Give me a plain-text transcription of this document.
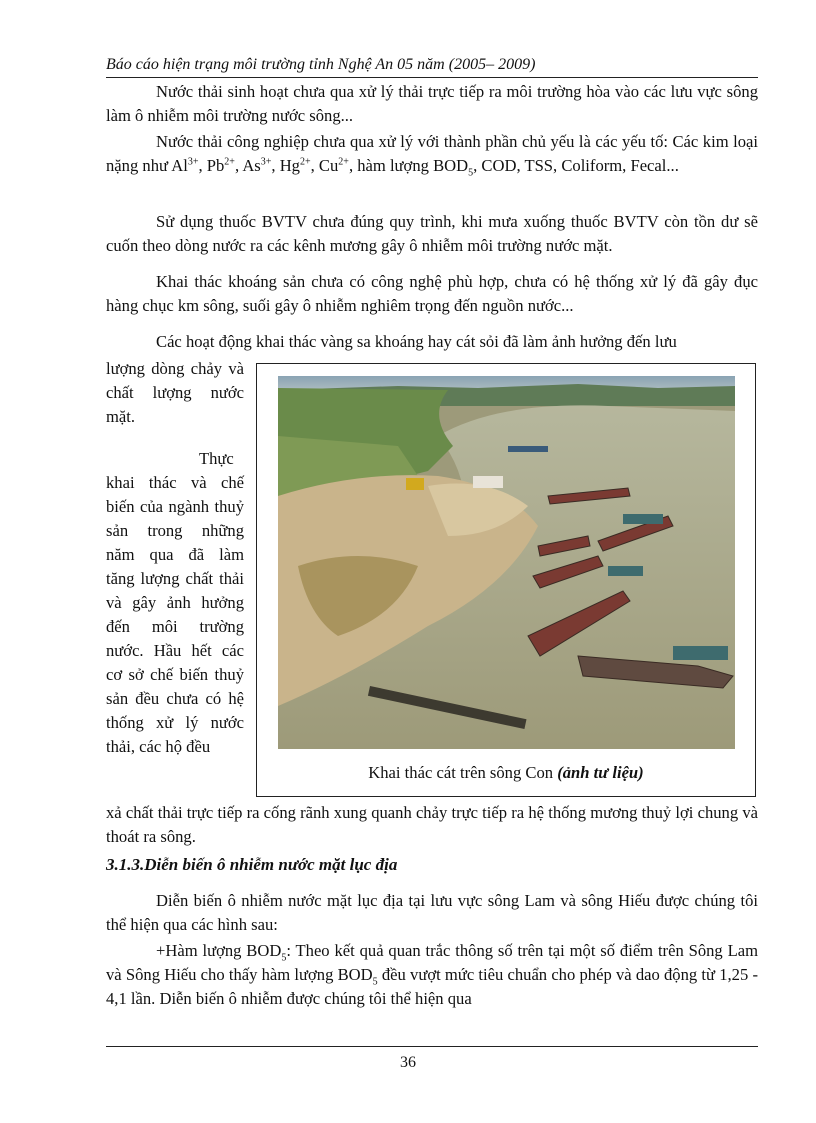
Báo cáo hiện trạng môi trường tỉnh Nghệ An 05 năm (2005– 2009)
Nước thải sinh hoạt chưa qua xử lý thải trực tiếp ra môi trường hòa vào các lưu vực sông làm ô nhiễm môi trường nước sông...
Nước thải công nghiệp chưa qua xử lý với thành phần chủ yếu là các yếu tố: Các kim loại nặng như $Al^{3+}$, $Pb^{2+}$, $As^{3+}$, $Hg^{2+}$, $Cu^{2+}$, hàm lượng $BOD_5$, COD, TSS, Coliform, Fecal...
Sử dụng thuốc BVTV chưa đúng quy trình, khi mưa xuống thuốc BVTV còn tồn dư sẽ cuốn theo dòng nước ra các kênh mương gây ô nhiễm môi trường nước mặt.
Khai thác khoáng sản chưa có công nghệ phù hợp, chưa có hệ thống xử lý đã gây đục hàng chục km sông, suối gây ô nhiễm nghiêm trọng đến nguồn nước...
Các hoạt động khai thác vàng sa khoáng hay cát sỏi đã làm ảnh hưởng đến lưu
lượng dòng chảy và chất lượng nước mặt.
Thực khai thác và chế biến của ngành thuỷ sản trong những năm qua đã làm tăng lượng chất thải và gây ảnh hưởng đến môi trường nước. Hầu hết các cơ sở chế biến thuỷ sản đều chưa có hệ thống xử lý nước thải, các hộ đều
Khai thác cát trên sông Con (ảnh tư liệu)
xả chất thải trực tiếp ra cống rãnh xung quanh chảy trực tiếp ra hệ thống mương thuỷ lợi chung và thoát ra sông.
3.1.3.Diễn biến ô nhiễm nước mặt lục địa
Diễn biến ô nhiễm nước mặt lục địa tại lưu vực sông Lam và sông Hiếu được chúng tôi thể hiện qua các hình sau:
+Hàm lượng $BOD_5$: Theo kết quả quan trắc thông số trên tại một số điểm trên Sông Lam và Sông Hiếu cho thấy hàm lượng $BOD_5$ đều vượt mức tiêu chuẩn cho phép và dao động từ 1,25 - 4,1 lần. Diễn biến ô nhiễm được chúng tôi thể hiện qua
36
